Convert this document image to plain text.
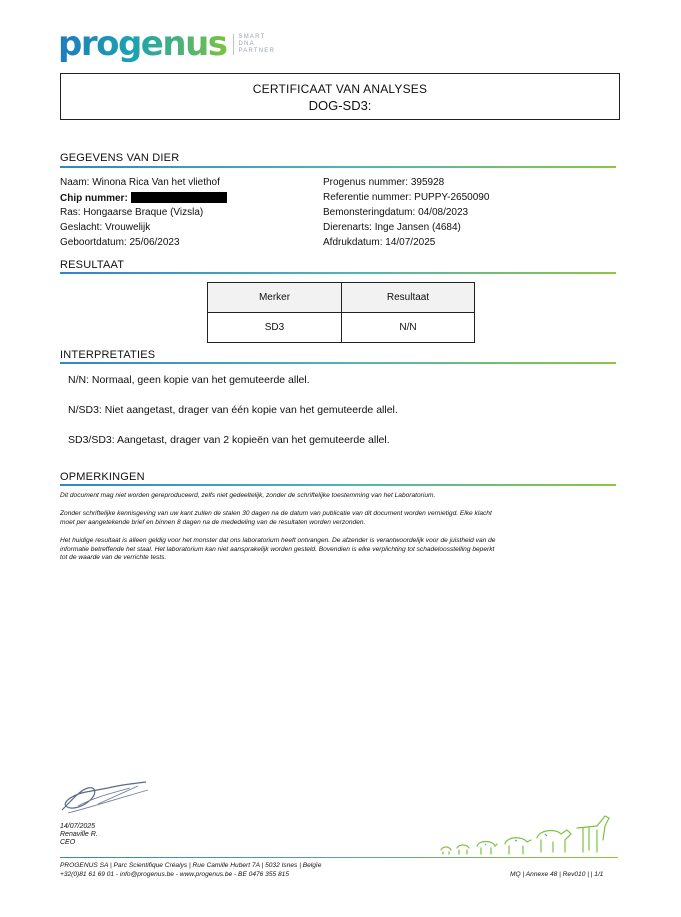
progenus	SMART
DNA
PARTNER
CERTIFICAAT VAN ANALYSES
DOG-SD3:
GEGEVENS VAN DIER
Naam: Winona Rica Van het vliethof
Chip nummer:
Ras: Hongaarse Braque (Vizsla)
Geslacht: Vrouwelijk
Geboortdatum: 25/06/2023
Progenus nummer: 395928
Referentie nummer: PUPPY-2650090
Bemonsteringdatum: 04/08/2023
Dierenarts: Inge Jansen (4684)
Afdrukdatum: 14/07/2025
RESULTAAT
Merker	Resultaat
SD3	N/N
INTERPRETATIES
N/N: Normaal, geen kopie van het gemuteerde allel.
N/SD3: Niet aangetast, drager van één kopie van het gemuteerde allel.
SD3/SD3: Aangetast, drager van 2 kopieën van het gemuteerde allel.
OPMERKINGEN
Dit document mag niet worden gereproduceerd, zelfs niet gedeeltelijk, zonder de schriftelijke toestemming van het Laboratorium.
Zonder schriftelijke kennisgeving van uw kant zullen de stalen 30 dagen na de datum van publicatie van dit document worden vernietigd. Elke klacht
moet per aangetekende brief en binnen 8 dagen na de mededeling van de resultaten worden verzonden.
Het huidige resultaat is alleen geldig voor het monster dat ons laboratorium heeft ontvangen. De afzender is verantwoordelijk voor de juistheid van de
informatie betreffende het staal. Het laboratorium kan niet aansprakelijk worden gesteld. Bovendien is elke verplichting tot schadeloosstelling beperkt
tot de waarde van de verrichte tests.
14/07/2025
Renaville R.
CEO
PROGENUS SA | Parc Scientifique Créalys | Rue Camille Hubert 7A | 5032 Isnes | Belgïe
+32(0)81 61 69 01 - info@progenus.be - www.progenus.be - BE 0476 355 815	MQ | Annexe 48 | Rev010 | | 1/1
